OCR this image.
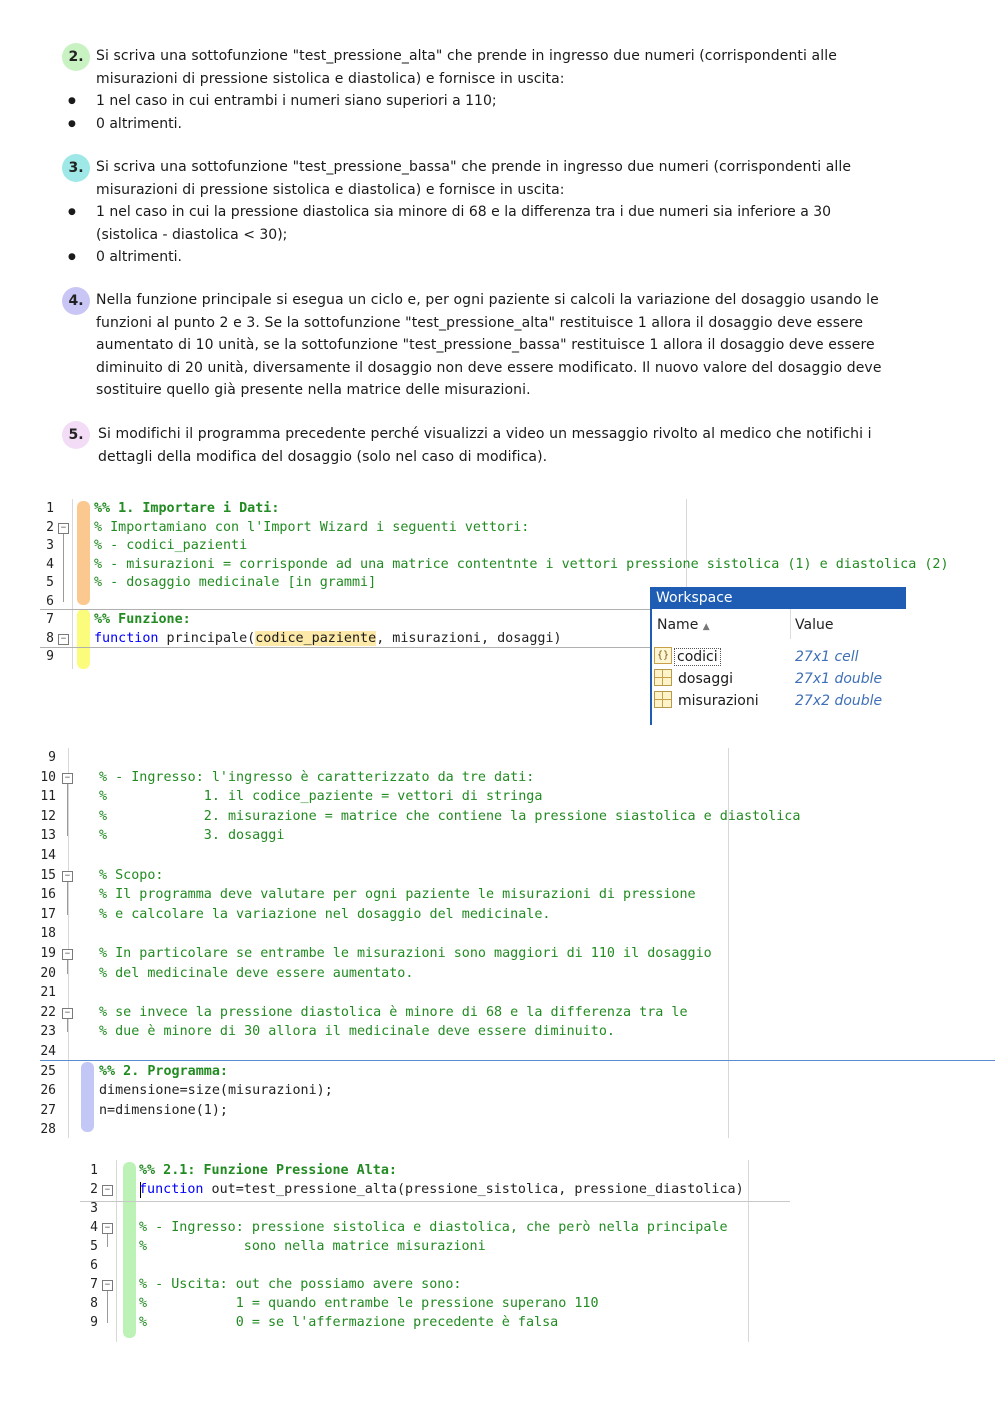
2. Si scriva una sottofunzione "test_pressione_alta" che prende in ingresso due numeri (corrispondenti alle
misurazioni di pressione sistolica e diastolica) e fornisce in uscita:
● 1 nel caso in cui entrambi i numeri siano superiori a 110;
● 0 altrimenti.
3. Si scriva una sottofunzione "test_pressione_bassa" che prende in ingresso due numeri (corrispondenti alle
misurazioni di pressione sistolica e diastolica) e fornisce in uscita:
● 1 nel caso in cui la pressione diastolica sia minore di 68 e la differenza tra i due numeri sia inferiore a 30
(sistolica - diastolica < 30);
● 0 altrimenti.
4. Nella funzione principale si esegua un ciclo e, per ogni paziente si calcoli la variazione del dosaggio usando le
funzioni al punto 2 e 3. Se la sottofunzione "test_pressione_alta" restituisce 1 allora il dosaggio deve essere
aumentato di 10 unità, se la sottofunzione "test_pressione_bassa" restituisce 1 allora il dosaggio deve essere
diminuito di 20 unità, diversamente il dosaggio non deve essere modificato. Il nuovo valore del dosaggio deve
sostituire quello già presente nella matrice delle misurazioni.
5.	Si modifichi il programma precedente perché visualizzi a video un messaggio rivolto al medico che notifichi i
dettagli della modifica del dosaggio (solo nel caso di modifica).
1	%% 1. Importare i Dati:
2	% Importamiano con l'Import Wizard i seguenti vettori:
3	% - codici_pazienti
4	% - misurazioni = corrisponde ad una matrice contentnte i vettori pressione sistolica (1) e diastolica (2)
5	% - dosaggio medicinale [in grammi]
6
7	%% Funzione:
8	function principale(codice_paziente, misurazioni, dosaggi)
9
−
−
Workspace
Name ▲	Value
{} codici	27x1 cell
dosaggi	27x1 double
misurazioni	27x2 double
9
10	% - Ingresso: l'ingresso è caratterizzato da tre dati:
11	%            1. il codice_paziente = vettori di stringa
12	%            2. misurazione = matrice che contiene la pressione siastolica e diastolica
13	%            3. dosaggi
14
15	% Scopo:
16	% Il programma deve valutare per ogni paziente le misurazioni di pressione
17	% e calcolare la variazione nel dosaggio del medicinale.
18
19	% In particolare se entrambe le misurazioni sono maggiori di 110 il dosaggio
20	% del medicinale deve essere aumentato.
21
22	% se invece la pressione diastolica è minore di 68 e la differenza tra le
23	% due è minore di 30 allora il medicinale deve essere diminuito.
24
25	%% 2. Programma:
26	dimensione=size(misurazioni);
27	n=dimensione(1);
28
−
−
−
−
1	%% 2.1: Funzione Pressione Alta:
2	function out=test_pressione_alta(pressione_sistolica, pressione_diastolica)
3
4	% - Ingresso: pressione sistolica e diastolica, che però nella principale
5	%            sono nella matrice misurazioni
6
7	% - Uscita: out che possiamo avere sono:
8	%           1 = quando entrambe le pressione superano 110
9	%           0 = se l'affermazione precedente è falsa
−
−
−
